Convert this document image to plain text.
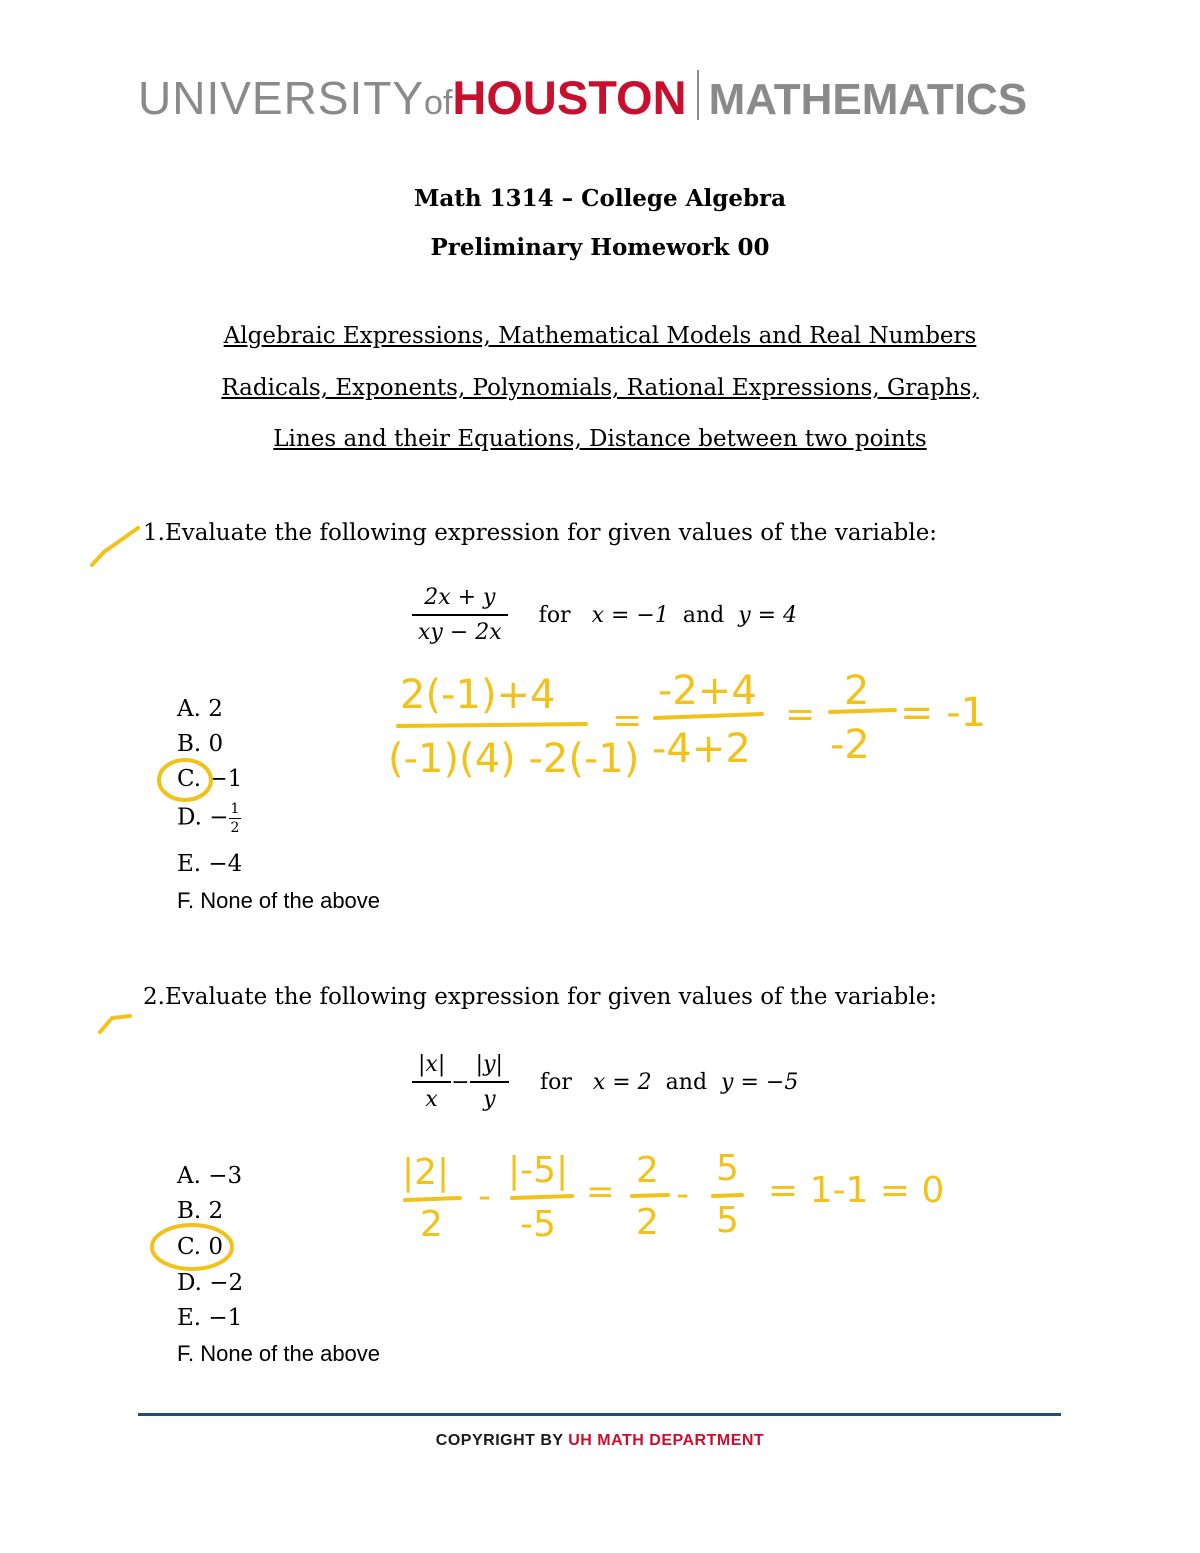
UNIVERSITYofHOUSTON MATHEMATICS
Math 1314 – College Algebra
Preliminary Homework 00
Algebraic Expressions, Mathematical Models and Real Numbers
Radicals, Exponents, Polynomials, Rational Expressions, Graphs,
Lines and their Equations, Distance between two points
1.Evaluate the following expression for given values of the variable:
$\frac{2x + y}{xy - 2x}$ for x = −1 and y = 4
A. 2
B. 0
C. −1
D. − $\frac{1}{2}$
E. −4
F. None of the above
2.Evaluate the following expression for given values of the variable:
$\frac{|x|}{x} - \frac{|y|}{y}$ for x = 2 and y = −5
A. −3
B. 2
C. 0
D. −2
E. −1
F. None of the above
2(-1)+4
(-1)(4) -2(-1)
=
-2+4
-4+2
=
2
-2
= -1
|2|
2
-
|-5|
-5
=
2
2
-
5
5
= 1-1 = 0
COPYRIGHT BY UH MATH DEPARTMENT
